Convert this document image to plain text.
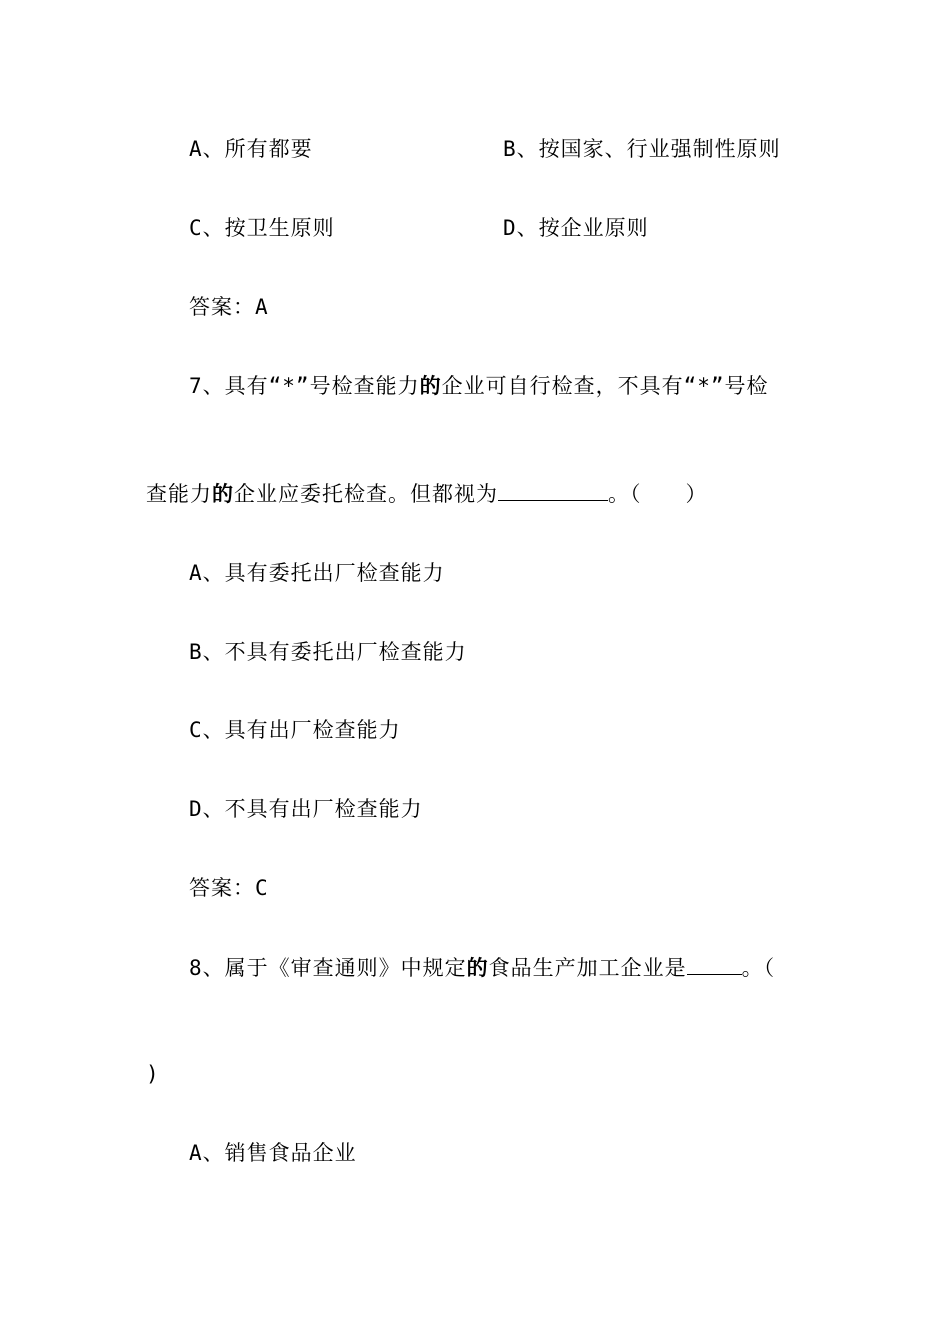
A、所有都要	B、按国家、行业强制性原则
C、按卫生原则	D、按企业原则
答案：A
7、具有“*”号检查能力的企业可自行检查，不具有“*”号检
查能力的企业应委托检查。但都视为	。（　　）
A、具有委托出厂检查能力
B、不具有委托出厂检查能力
C、具有出厂检查能力
D、不具有出厂检查能力
答案：C
8、属于《审查通则》中规定的食品生产加工企业是	。（
)
A、销售食品企业
